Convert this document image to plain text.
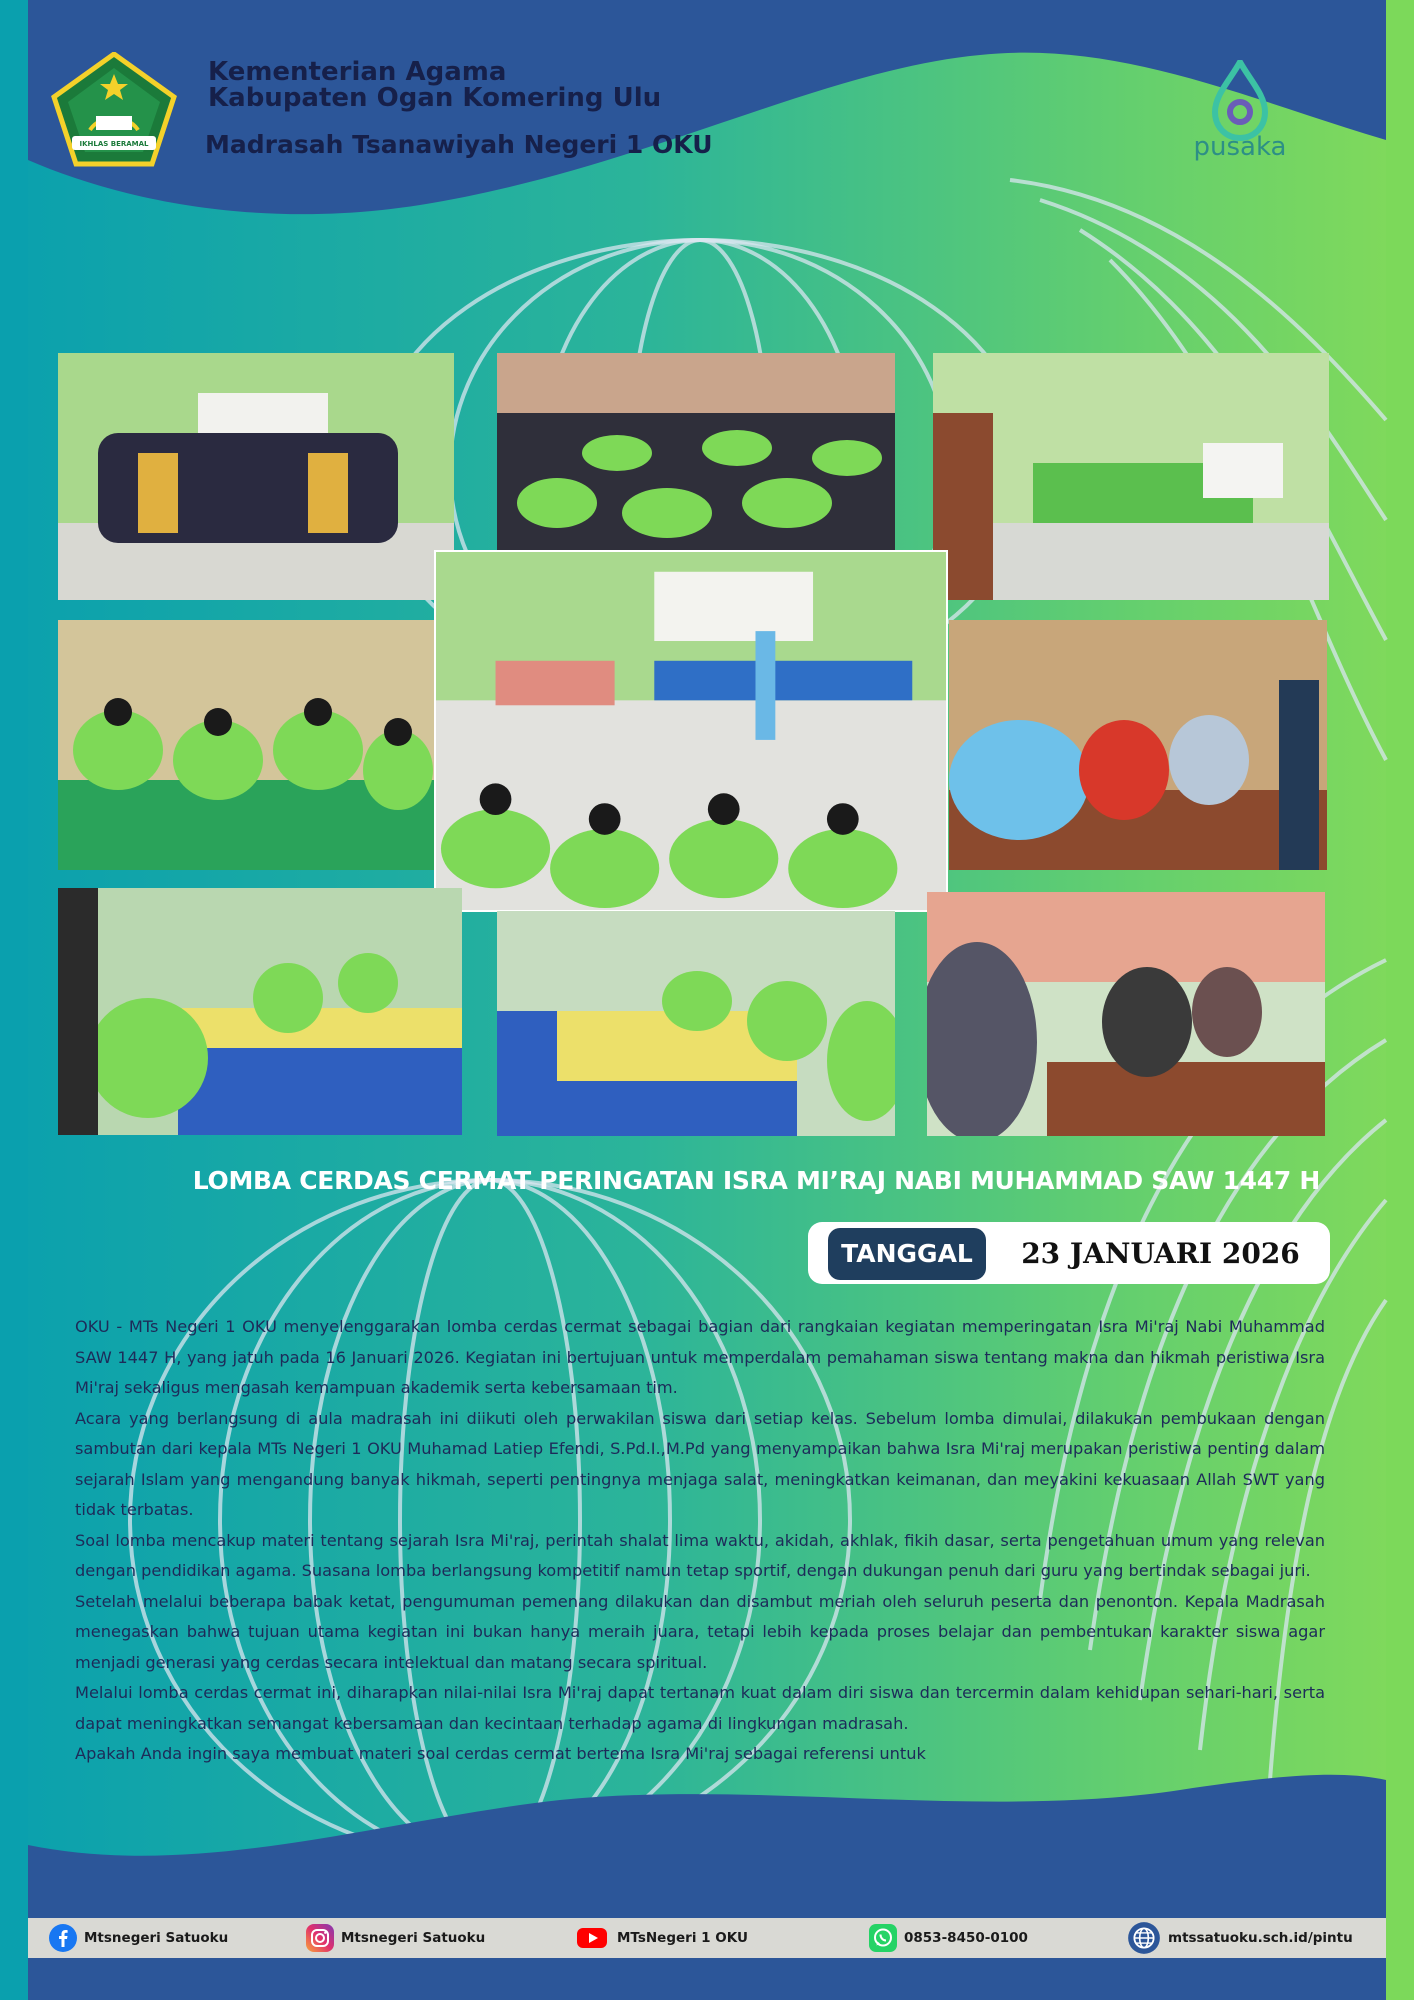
IKHLAS BERAMAL
Kementerian Agama
Kabupaten Ogan Komering Ulu
Madrasah Tsanawiyah Negeri 1 OKU	pusaka
LOMBA CERDAS CERMAT PERINGATAN ISRA MI’RAJ NABI MUHAMMAD SAW 1447 H
TANGGAL	23 JANUARI 2026

OKU - MTs Negeri 1 OKU menyelenggarakan lomba cerdas cermat sebagai bagian dari rangkaian kegiatan memperingatan Isra Mi'raj Nabi Muhammad SAW 1447 H, yang jatuh pada 16 Januari 2026. Kegiatan ini bertujuan untuk memperdalam pemahaman siswa tentang makna dan hikmah peristiwa Isra Mi'raj sekaligus mengasah kemampuan akademik serta kebersamaan tim.

Acara yang berlangsung di aula madrasah ini diikuti oleh perwakilan siswa dari setiap kelas. Sebelum lomba dimulai, dilakukan pembukaan dengan sambutan dari kepala MTs Negeri 1 OKU Muhamad Latiep Efendi, S.Pd.I.,M.Pd yang menyampaikan bahwa Isra Mi'raj merupakan peristiwa penting dalam sejarah Islam yang mengandung banyak hikmah, seperti pentingnya menjaga salat, meningkatkan keimanan, dan meyakini kekuasaan Allah SWT yang tidak terbatas.

Soal lomba mencakup materi tentang sejarah Isra Mi'raj, perintah shalat lima waktu, akidah, akhlak, fikih dasar, serta pengetahuan umum yang relevan dengan pendidikan agama. Suasana lomba berlangsung kompetitif namun tetap sportif, dengan dukungan penuh dari guru yang bertindak sebagai juri.

Setelah melalui beberapa babak ketat, pengumuman pemenang dilakukan dan disambut meriah oleh seluruh peserta dan penonton. Kepala Madrasah menegaskan bahwa tujuan utama kegiatan ini bukan hanya meraih juara, tetapi lebih kepada proses belajar dan pembentukan karakter siswa agar menjadi generasi yang cerdas secara intelektual dan matang secara spiritual.

Melalui lomba cerdas cermat ini, diharapkan nilai-nilai Isra Mi'raj dapat tertanam kuat dalam diri siswa dan tercermin dalam kehidupan sehari-hari, serta dapat meningkatkan semangat kebersamaan dan kecintaan terhadap agama di lingkungan madrasah.

Apakah Anda ingin saya membuat materi soal cerdas cermat bertema Isra Mi'raj sebagai referensi untuk

Mtsnegeri Satuoku	Mtsnegeri Satuoku	MTsNegeri 1 OKU	0853-8450-0100	mtssatuoku.sch.id/pintu
